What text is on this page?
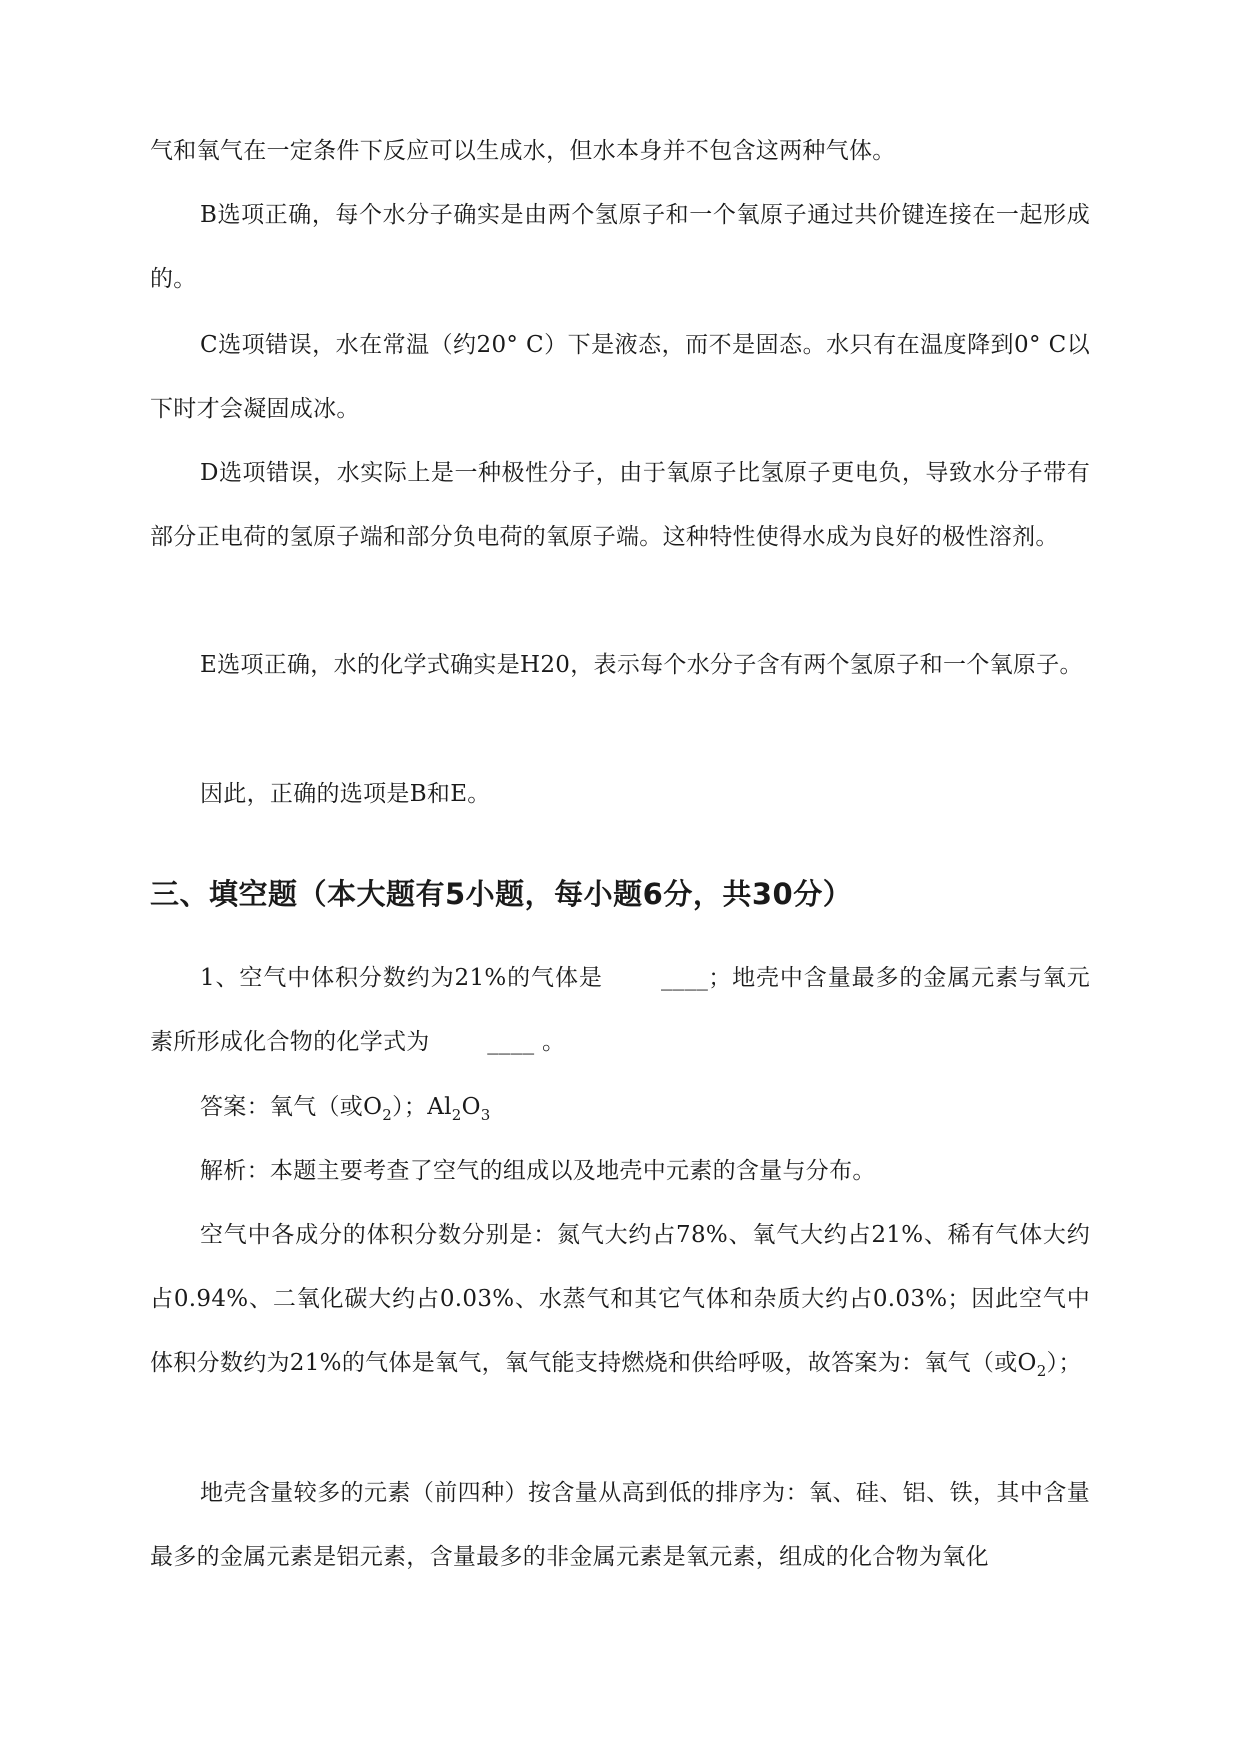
气和氧气在一定条件下反应可以生成水，但水本身并不包含这两种气体。

B选项正确，每个水分子确实是由两个氢原子和一个氧原子通过共价键连接在一起形成的。

C选项错误，水在常温（约20° C）下是液态，而不是固态。水只有在温度降到0° C以下时才会凝固成冰。

D选项错误，水实际上是一种极性分子，由于氧原子比氢原子更电负，导致水分子带有部分正电荷的氢原子端和部分负电荷的氧原子端。这种特性使得水成为良好的极性溶剂。

E选项正确，水的化学式确实是H20，表示每个水分子含有两个氢原子和一个氧原子。

因此，正确的选项是B和E。

三、填空题（本大题有5小题，每小题6分，共30分）

1、空气中体积分数约为21%的气体是 ____；地壳中含量最多的金属元素与氧元素所形成化合物的化学式为 ____ 。

答案：氧气（或$O_2$）；$Al_2O_3$

解析：本题主要考查了空气的组成以及地壳中元素的含量与分布。

空气中各成分的体积分数分别是：氮气大约占78%、氧气大约占21%、稀有气体大约占0.94%、二氧化碳大约占0.03%、水蒸气和其它气体和杂质大约占0.03%；因此空气中体积分数约为21%的气体是氧气，氧气能支持燃烧和供给呼吸，故答案为：氧气（或$O_2$）；

地壳含量较多的元素（前四种）按含量从高到低的排序为：氧、硅、铝、铁，其中含量最多的金属元素是铝元素，含量最多的非金属元素是氧元素，组成的化合物为氧化
